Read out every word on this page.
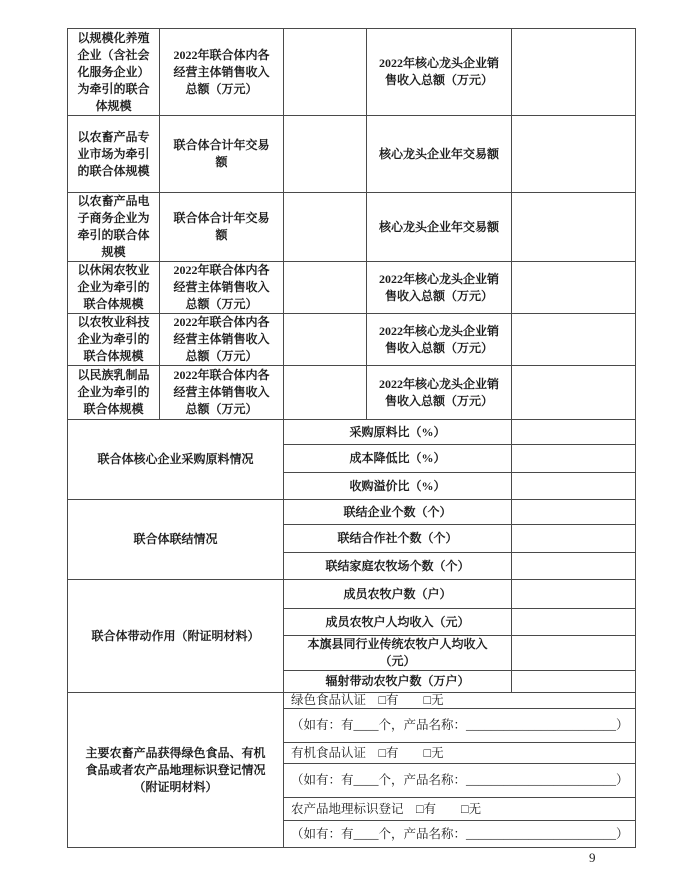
以规模化养殖企业（含社会化服务企业）为牵引的联合体规模	2022年联合体内各经营主体销售收入总额（万元）		2022年核心龙头企业销售收入总额（万元）	
以农畜产品专业市场为牵引的联合体规模	联合体合计年交易额		核心龙头企业年交易额	
以农畜产品电子商务企业为牵引的联合体规模	联合体合计年交易额		核心龙头企业年交易额	
以休闲农牧业企业为牵引的联合体规模	2022年联合体内各经营主体销售收入总额（万元）		2022年核心龙头企业销售收入总额（万元）	
以农牧业科技企业为牵引的联合体规模	2022年联合体内各经营主体销售收入总额（万元）		2022年核心龙头企业销售收入总额（万元）	
以民族乳制品企业为牵引的联合体规模	2022年联合体内各经营主体销售收入总额（万元）		2022年核心龙头企业销售收入总额（万元）	
联合体核心企业采购原料情况		采购原料比（%）		
		成本降低比（%）		
		收购溢价比（%）		
联合体联结情况		联结企业个数（个）		
		联结合作社个数（个）		
		联结家庭农牧场个数（个）		
联合体带动作用（附证明材料）		成员农牧户数（户）		
		成员农牧户人均收入（元）		
		本旗县同行业传统农牧户人均收入（元）		
		辐射带动农牧户数（万户）		
主要农畜产品获得绿色食品、有机食品或者农产品地理标识登记情况（附证明材料）		绿色食品认证　□有　　□无		
		（如有：有____个，产品名称：________________________）		
		有机食品认证　□有　　□无		
		（如有：有____个，产品名称：________________________）		
		农产品地理标识登记　□有　　□无		
		（如有：有____个，产品名称：________________________）		
9
